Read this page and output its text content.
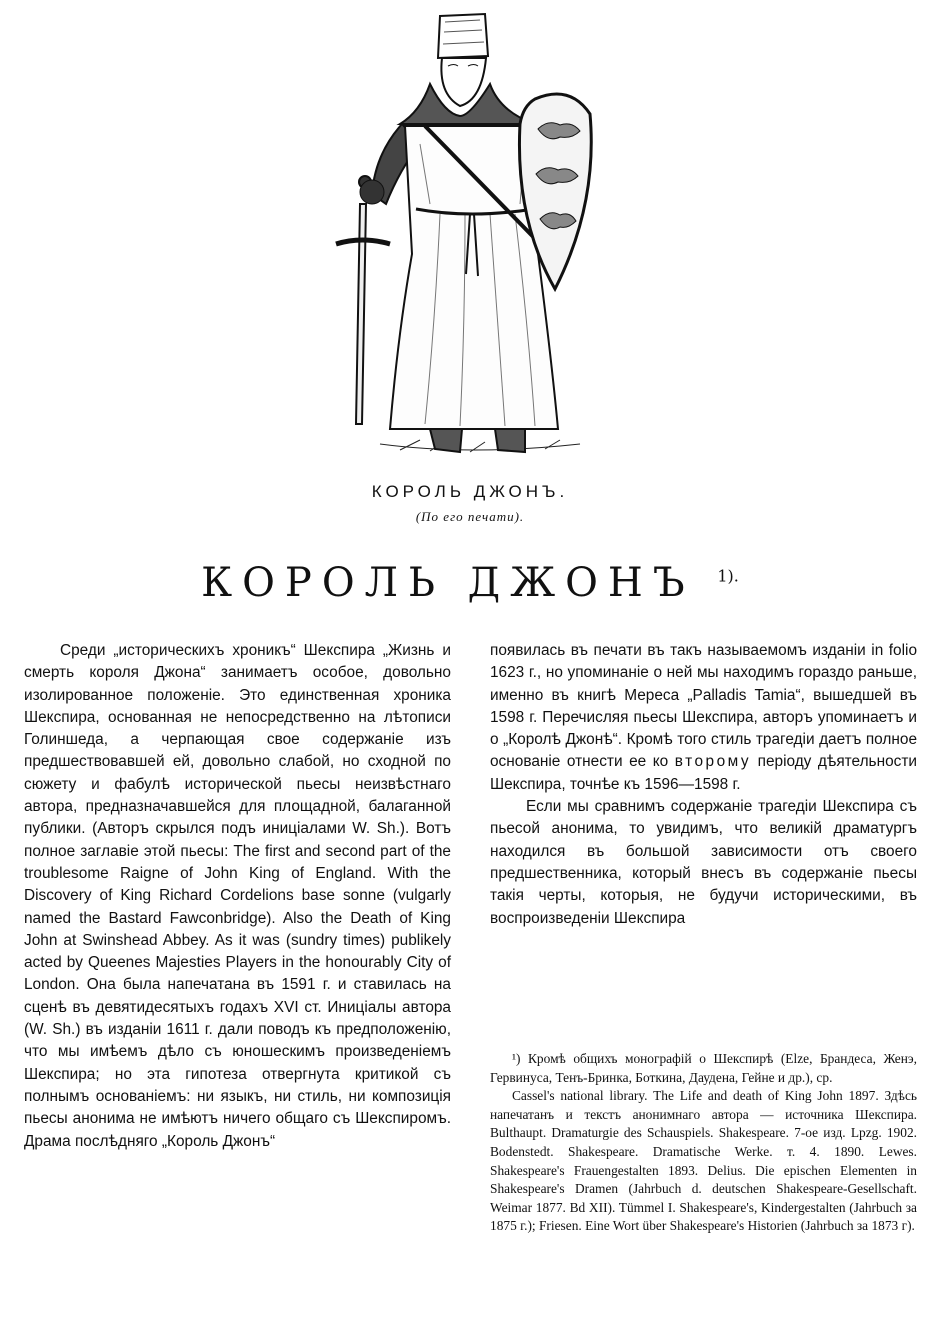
КОРОЛЬ ДЖОНЪ.
(По его печати).
КОРОЛЬ ДЖОНЪ $^{1).}$

Среди „историческихъ хроникъ“ Шекспира „Жизнь и смерть короля Джона“ занимаетъ особое, довольно изолированное положеніе. Это единственная хроника Шекспира, основанная не непосредственно на лѣтописи Голиншеда, а черпающая свое содержаніе изъ предшествовавшей ей, довольно слабой, но сходной по сюжету и фабулѣ исторической пьесы неизвѣстнаго автора, предназначавшейся для площадной, балаганной публики. (Авторъ скрылся подъ иниціалами W. Sh.). Вотъ полное заглавіе этой пьесы: The first and second part of the troublesome Raigne of John King of England. With the Discovery of King Richard Cordelions base sonne (vulgarly named the Bastard Fawconbridge). Also the Death of King John at Swinshead Abbey. As it was (sundry times) publikely acted by Queenes Majesties Players in the honourably City of London. Она была напечатана въ 1591 г. и ставилась на сценѣ въ девятидесятыхъ годахъ XVI ст. Иниціалы автора (W. Sh.) въ изданіи 1611 г. дали поводъ къ предположенію, что мы имѣемъ дѣло съ юношескимъ произведеніемъ Шекспира; но эта гипотеза отвергнута критикой съ полнымъ основаніемъ: ни языкъ, ни стиль, ни композиція пьесы анонима не имѣютъ ничего общаго съ Шекспиромъ. Драма послѣдняго „Король Джонъ“

появилась въ печати въ такъ называемомъ изданіи in folio 1623 г., но упоминаніе о ней мы находимъ гораздо раньше, именно въ книгѣ Мереса „Palladis Tamia“, вышедшей въ 1598 г. Перечисляя пьесы Шекспира, авторъ упоминаетъ и о „Королѣ Джонѣ“. Кромѣ того стиль трагедіи даетъ полное основаніе отнести ее ко второму періоду дѣятельности Шекспира, точнѣе къ 1596—1598 г.

Если мы сравнимъ содержаніе трагедіи Шекспира съ пьесой анонима, то увидимъ, что великій драматургъ находился въ большой зависимости отъ своего предшественника, который внесъ въ содержаніе пьесы такія черты, которыя, не будучи историческими, въ воспроизведеніи Шекспира

¹) Кромѣ общихъ монографій о Шекспирѣ (Elze, Брандеса, Женэ, Гервинуса, Тенъ-Бринка, Боткина, Даудена, Гейне и др.), ср.

Cassel's national library. The Life and death of King John 1897. Здѣсь напечатанъ и текстъ анонимнаго автора — источника Шекспира. Bulthaupt. Dramaturgie des Schauspiels. Shakespeare. 7-ое изд. Lpzg. 1902. Bodenstedt. Shakespeare. Dramatische Werke. т. 4. 1890. Lewes. Shakespeare's Frauengestalten 1893. Delius. Die epischen Elementen in Shakespeare's Dramen (Jahrbuch d. deutschen Shakespeare-Gesellschaft. Weimar 1877. Bd XII). Tümmel I. Shakespeare's, Kindergestalten (Jahrbuch за 1875 г.); Friesen. Eine Wort über Shakespeare's Historien (Jahrbuch за 1873 г).
